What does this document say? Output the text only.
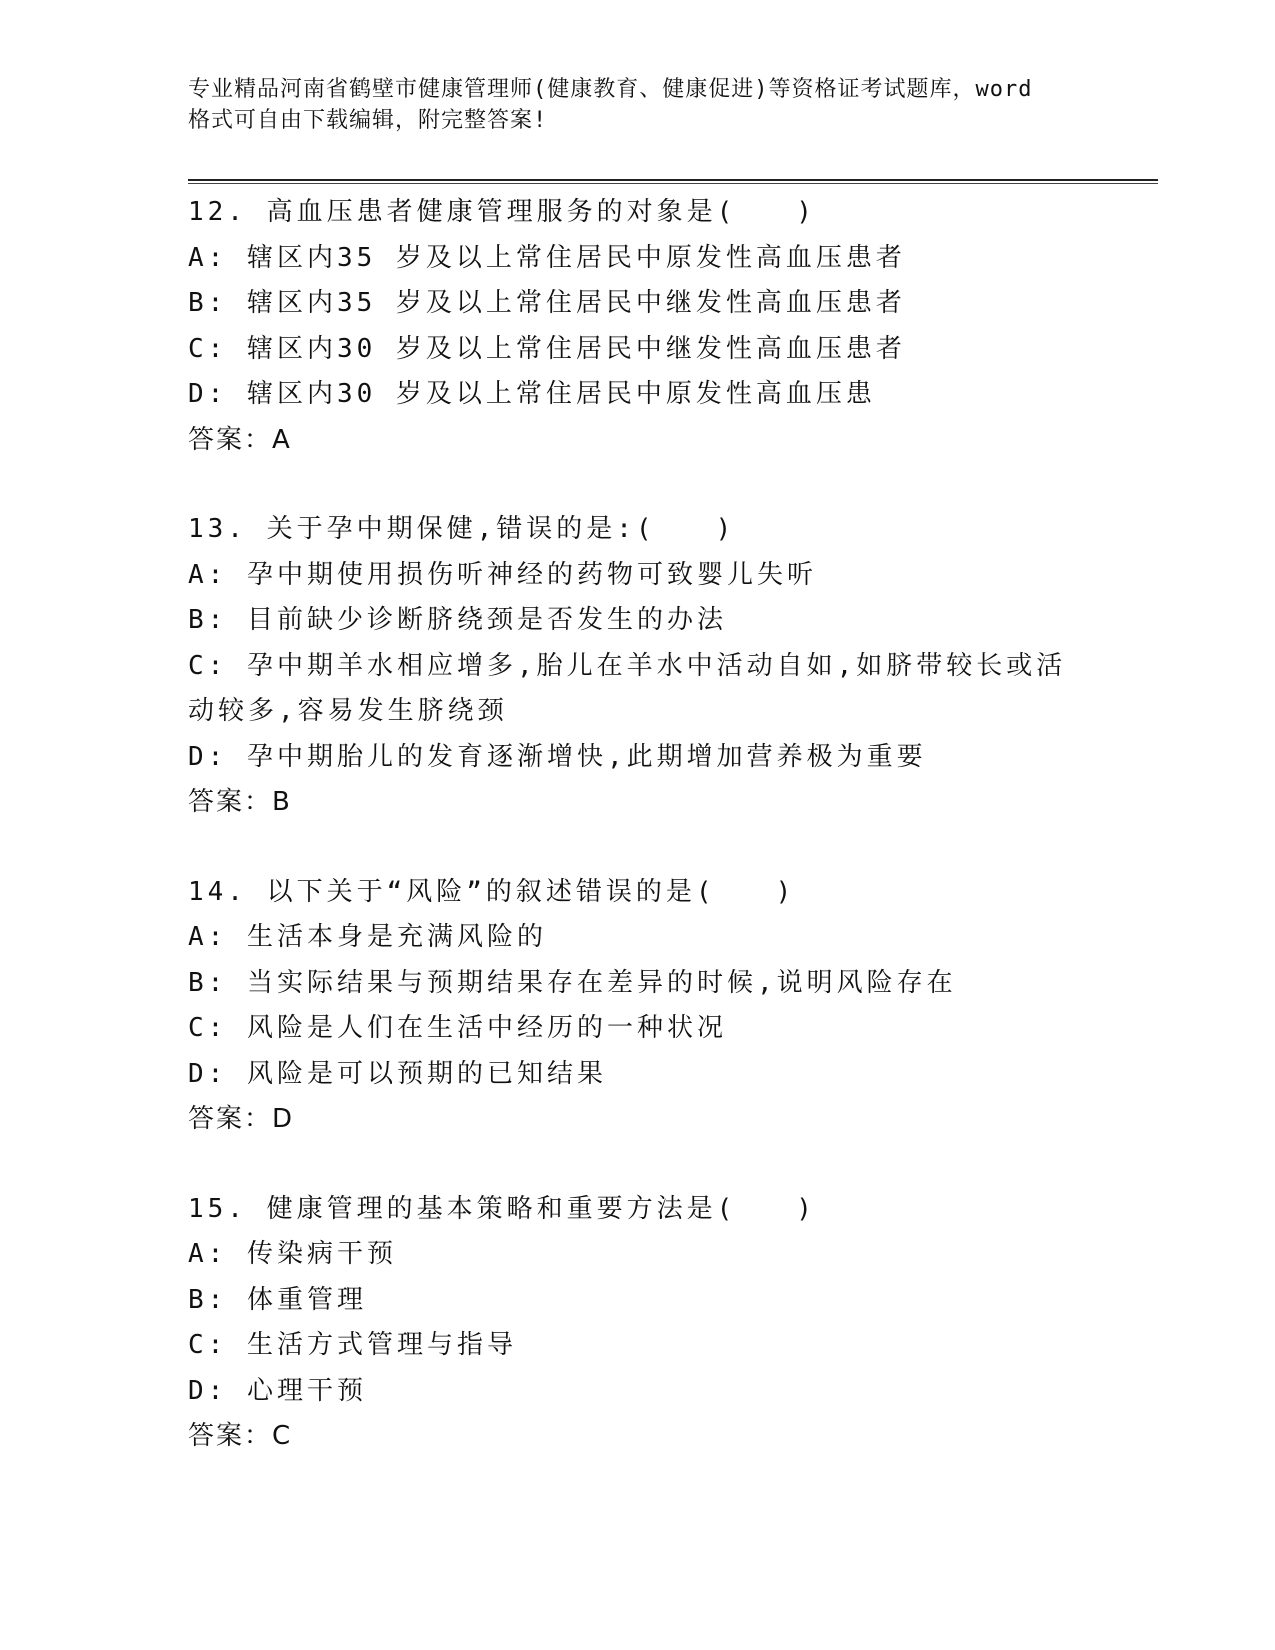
专业精品河南省鹤壁市健康管理师(健康教育、健康促进)等资格证考试题库，word
格式可自由下载编辑，附完整答案!
12. 高血压患者健康管理服务的对象是(　　)
A: 辖区内35 岁及以上常住居民中原发性高血压患者
B: 辖区内35 岁及以上常住居民中继发性高血压患者
C: 辖区内30 岁及以上常住居民中继发性高血压患者
D: 辖区内30 岁及以上常住居民中原发性高血压患
答案：A
13. 关于孕中期保健,错误的是:(　　)
A: 孕中期使用损伤听神经的药物可致婴儿失听
B: 目前缺少诊断脐绕颈是否发生的办法
C: 孕中期羊水相应增多,胎儿在羊水中活动自如,如脐带较长或活动较多,容易发生脐绕颈
D: 孕中期胎儿的发育逐渐增快,此期增加营养极为重要
答案：B
14. 以下关于“风险”的叙述错误的是(　　)
A: 生活本身是充满风险的
B: 当实际结果与预期结果存在差异的时候,说明风险存在
C: 风险是人们在生活中经历的一种状况
D: 风险是可以预期的已知结果
答案：D
15. 健康管理的基本策略和重要方法是(　　)
A: 传染病干预
B: 体重管理
C: 生活方式管理与指导
D: 心理干预
答案：C
